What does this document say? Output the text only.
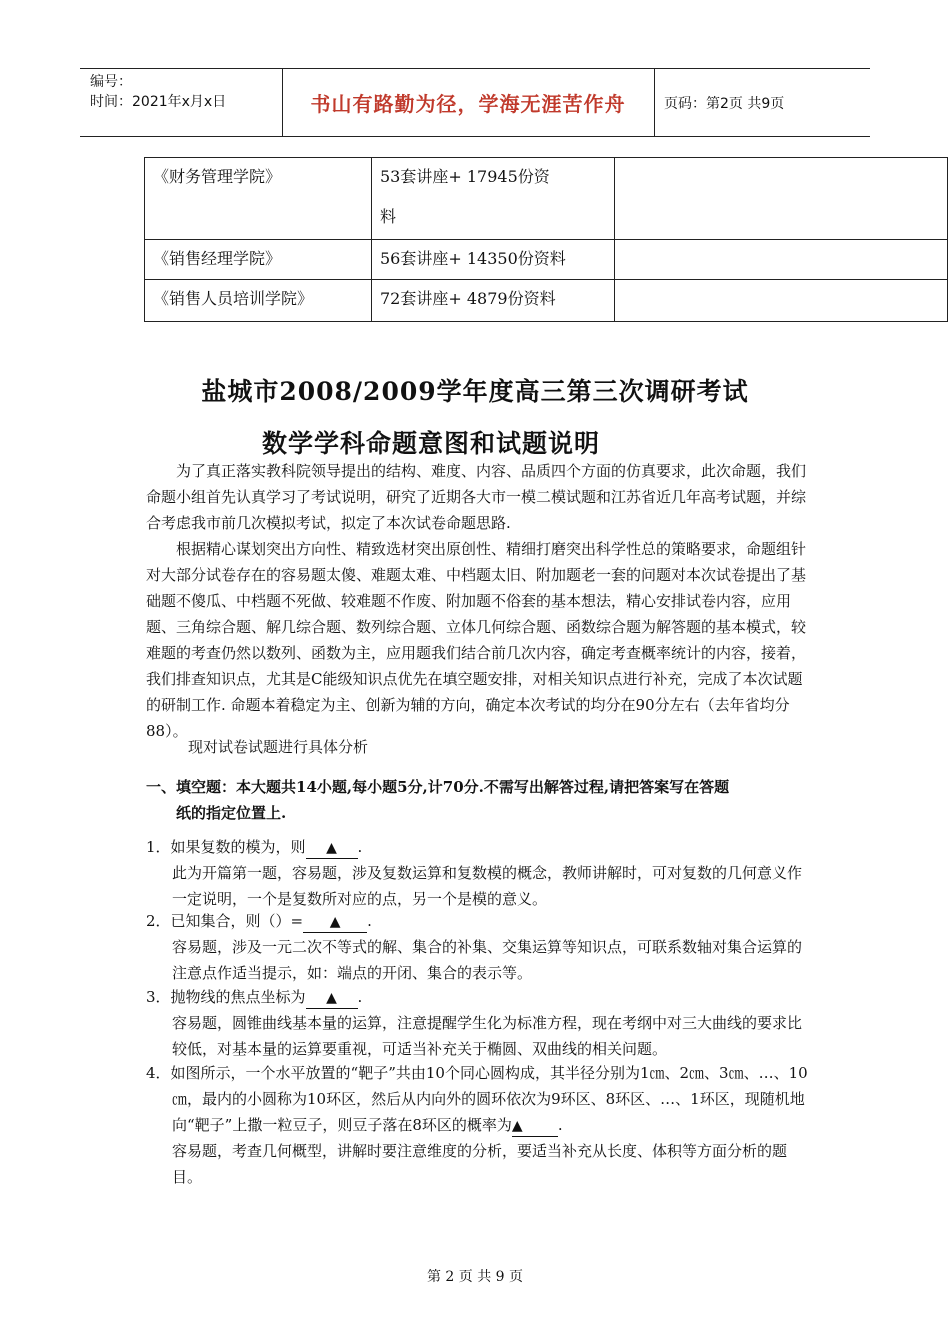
编号：
时间：2021年x月x日	书山有路勤为径，学海无涯苦作舟	页码：第2页 共9页
《财务管理学院》	53套讲座+ 17945份资
料	

《销售经理学院》	56套讲座+ 14350份资料	
《销售人员培训学院》	72套讲座+ 4879份资料	
盐城市2008/2009学年度高三第三次调研考试
数学学科命题意图和试题说明
为了真正落实教科院领导提出的结构、难度、内容、品质四个方面的仿真要求，此次命题，我们命题小组首先认真学习了考试说明，研究了近期各大市一模二模试题和江苏省近几年高考试题，并综合考虑我市前几次模拟考试，拟定了本次试卷命题思路.
根据精心谋划突出方向性、精致选材突出原创性、精细打磨突出科学性总的策略要求，命题组针对大部分试卷存在的容易题太傻、难题太难、中档题太旧、附加题老一套的问题对本次试卷提出了基础题不傻瓜、中档题不死做、较难题不作废、附加题不俗套的基本想法，精心安排试卷内容，应用题、三角综合题、解几综合题、数列综合题、立体几何综合题、函数综合题为解答题的基本模式，较难题的考查仍然以数列、函数为主，应用题我们结合前几次内容，确定考查概率统计的内容，接着，我们排查知识点，尤其是C能级知识点优先在填空题安排，对相关知识点进行补充，完成了本次试题的研制工作. 命题本着稳定为主、创新为辅的方向，确定本次考试的均分在90分左右（去年省均分88）。
现对试卷试题进行具体分析
一、填空题：本大题共14小题,每小题5分,计70分.不需写出解答过程,请把答案写在答题
纸的指定位置上.
1．如果复数的模为，则 ▲ .
此为开篇第一题，容易题，涉及复数运算和复数模的概念，教师讲解时，可对复数的几何意义作一定说明，一个是复数所对应的点，另一个是模的意义。
2．已知集合，则（）= ▲ .
容易题，涉及一元二次不等式的解、集合的补集、交集运算等知识点，可联系数轴对集合运算的注意点作适当提示，如：端点的开闭、集合的表示等。
3．抛物线的焦点坐标为 ▲ .
容易题，圆锥曲线基本量的运算，注意提醒学生化为标准方程，现在考纲中对三大曲线的要求比较低，对基本量的运算要重视，可适当补充关于椭圆、双曲线的相关问题。
4．如图所示，一个水平放置的“靶子”共由10个同心圆构成，其半径分别为1㎝、2㎝、3㎝、…、10㎝，最内的小圆称为10环区，然后从内向外的圆环依次为9环区、8环区、…、1环区，现随机地向“靶子”上撒一粒豆子，则豆子落在8环区的概率为▲ .
容易题，考查几何概型，讲解时要注意维度的分析，要适当补充从长度、体积等方面分析的题目。
第 2 页 共 9 页
